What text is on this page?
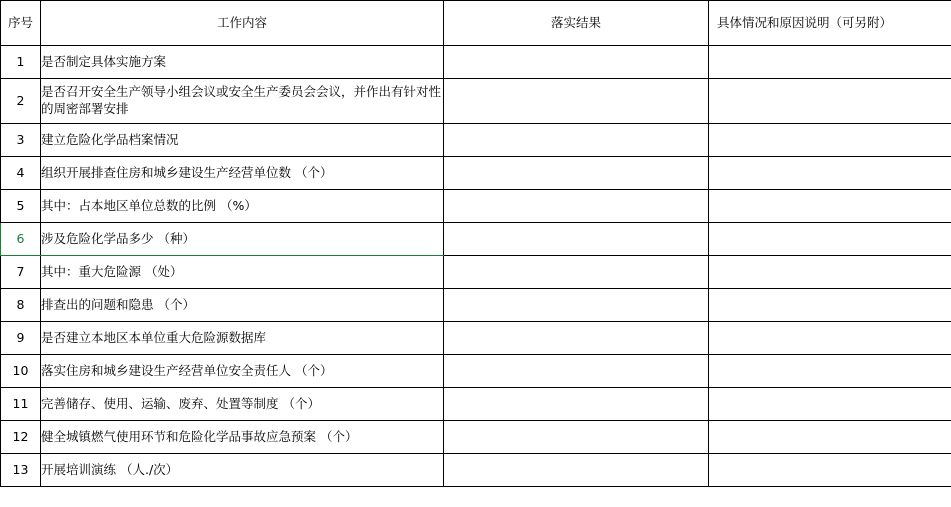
序号	工作内容	落实结果	具体情况和原因说明（可另附）
1	是否制定具体实施方案		
2	是否召开安全生产领导小组会议或安全生产委员会会议，并作出有针对性的周密部署安排		
3	建立危险化学品档案情况		
4	组织开展排查住房和城乡建设生产经营单位数 （个）		
5	其中：占本地区单位总数的比例 （%）		
6	涉及危险化学品多少 （种）		
7	其中：重大危险源 （处）		
8	排查出的问题和隐患 （个）		
9	是否建立本地区本单位重大危险源数据库		
10	落实住房和城乡建设生产经营单位安全责任人 （个）		
11	完善储存、使用、运输、废弃、处置等制度 （个）		
12	健全城镇燃气使用环节和危险化学品事故应急预案 （个）		
13	开展培训演练 （人./次）		
